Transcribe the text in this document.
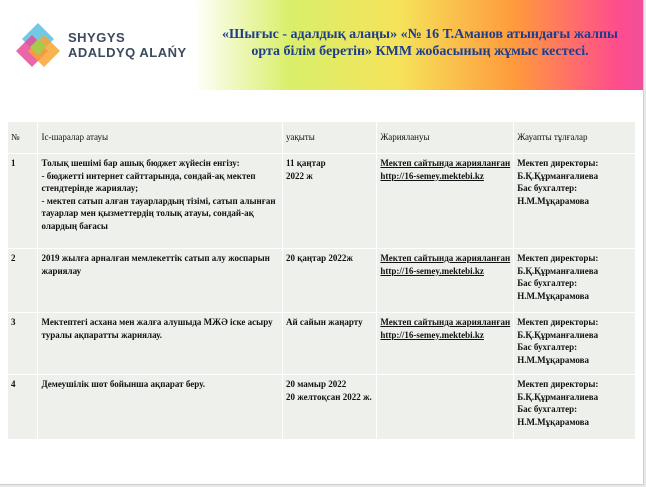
SHYGYS
ADALDYQ ALAŃY
«Шығыс - адалдық алаңы» «№ 16 Т.Аманов атындағы жалпы орта білім беретін» КММ жобасының жұмыс кестесі.
№	Іс-шаралар атауы	уақыты	Жариялануы	Жауапты тұлғалар
1	Толық шешімі бар ашық бюджет жүйесін енгізу:
- бюджетті интернет сайттарында, сондай-ақ мектеп стендтерінде жариялау;
- мектеп сатып алған тауарлардың тізімі, сатып алынған тауарлар мен қызметтердің толық атауы, сондай-ақ олардың бағасы	11 қаңтар
2022 ж	Мектеп сайтында жарияланған http://16-semey.mektebi.kz	Мектеп директоры: Б.Қ.Құрманғалиева
Бас бухгалтер: Н.М.Мұқарамова
2	2019 жылға арналған мемлекеттік сатып алу жоспарын жариялау	20 қаңтар 2022ж	Мектеп сайтында жарияланған http://16-semey.mektebi.kz	Мектеп директоры: Б.Қ.Құрманғалиева
Бас бухгалтер: Н.М.Мұқарамова
3	Мектептегі асхана мен жалға алушыда МЖӘ іске асыру туралы ақпаратты жариялау.	Ай сайын жаңарту	Мектеп сайтында жарияланған http://16-semey.mektebi.kz	Мектеп директоры: Б.Қ.Құрманғалиева
Бас бухгалтер: Н.М.Мұқарамова
4	Демеушілік шот бойынша ақпарат беру.	20 мамыр 2022
20 желтоқсан 2022 ж.		Мектеп директоры: Б.Қ.Құрманғалиева
Бас бухгалтер: Н.М.Мұқарамова
